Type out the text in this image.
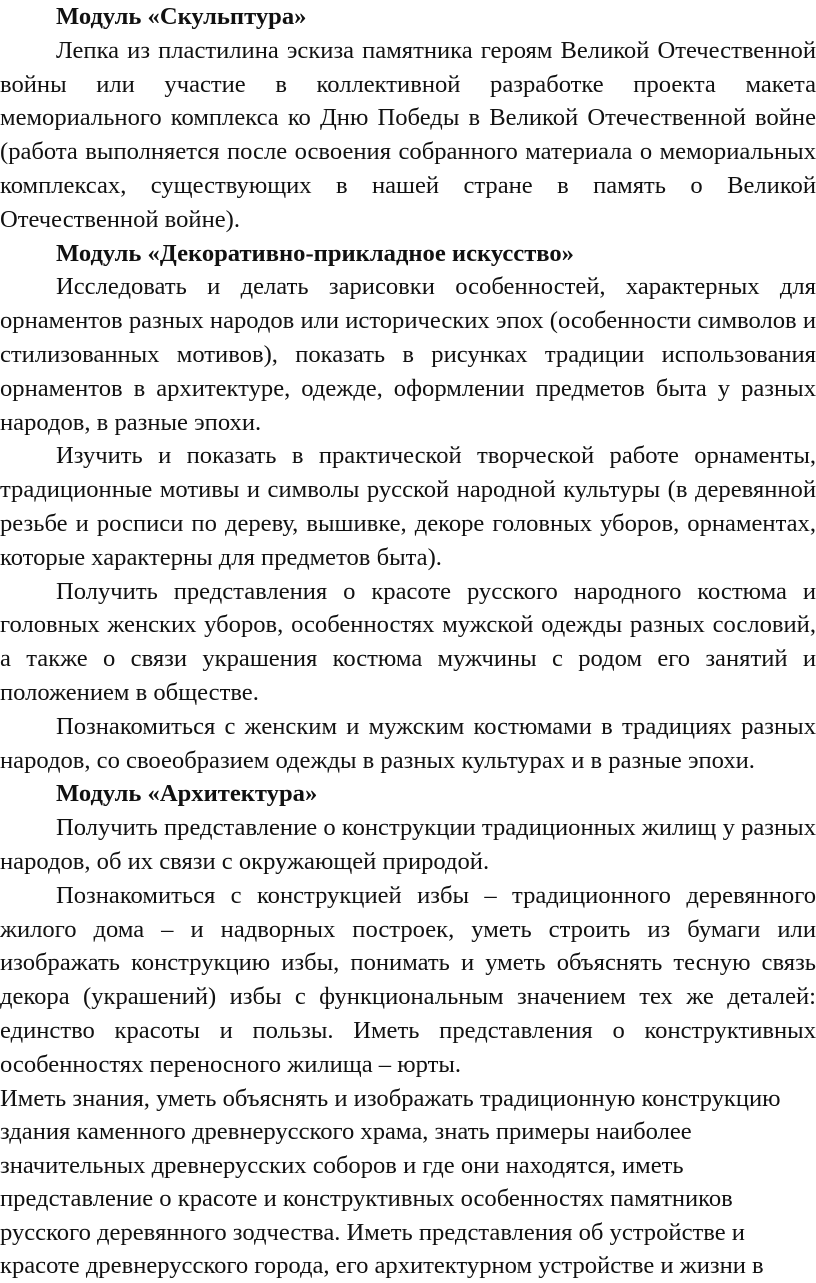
Модуль «Скульптура»

Лепка из пластилина эскиза памятника героям Великой Отечественной войны или участие в коллективной разработке проекта макета мемориального комплекса ко Дню Победы в Великой Отечественной войне (работа выполняется после освоения собранного материала о мемориальных комплексах, существующих в нашей стране в память о Великой Отечественной войне).

Модуль «Декоративно-прикладное искусство»

Исследовать и делать зарисовки особенностей, характерных для орнаментов разных народов или исторических эпох (особенности символов и стилизованных мотивов), показать в рисунках традиции использования орнаментов в архитектуре, одежде, оформлении предметов быта у разных народов, в разные эпохи.

Изучить и показать в практической творческой работе орнаменты, традиционные мотивы и символы русской народной культуры (в деревянной резьбе и росписи по дереву, вышивке, декоре головных уборов, орнаментах, которые характерны для предметов быта).

Получить представления о красоте русского народного костюма и головных женских уборов, особенностях мужской одежды разных сословий, а также о связи украшения костюма мужчины с родом его занятий и положением в обществе.

Познакомиться с женским и мужским костюмами в традициях разных народов, со своеобразием одежды в разных культурах и в разные эпохи.

Модуль «Архитектура»

Получить представление о конструкции традиционных жилищ у разных народов, об их связи с окружающей природой.

Познакомиться с конструкцией избы – традиционного деревянного жилого дома – и надворных построек, уметь строить из бумаги или изображать конструкцию избы, понимать и уметь объяснять тесную связь декора (украшений) избы с функциональным значением тех же деталей: единство красоты и пользы. Иметь представления о конструктивных особенностях переносного жилища – юрты.

Иметь знания, уметь объяснять и изображать традиционную конструкцию здания каменного древнерусского храма, знать примеры наиболее значительных древнерусских соборов и где они находятся, иметь представление о красоте и конструктивных особенностях памятников русского деревянного зодчества. Иметь представления об устройстве и красоте древнерусского города, его архитектурном устройстве и жизни в
